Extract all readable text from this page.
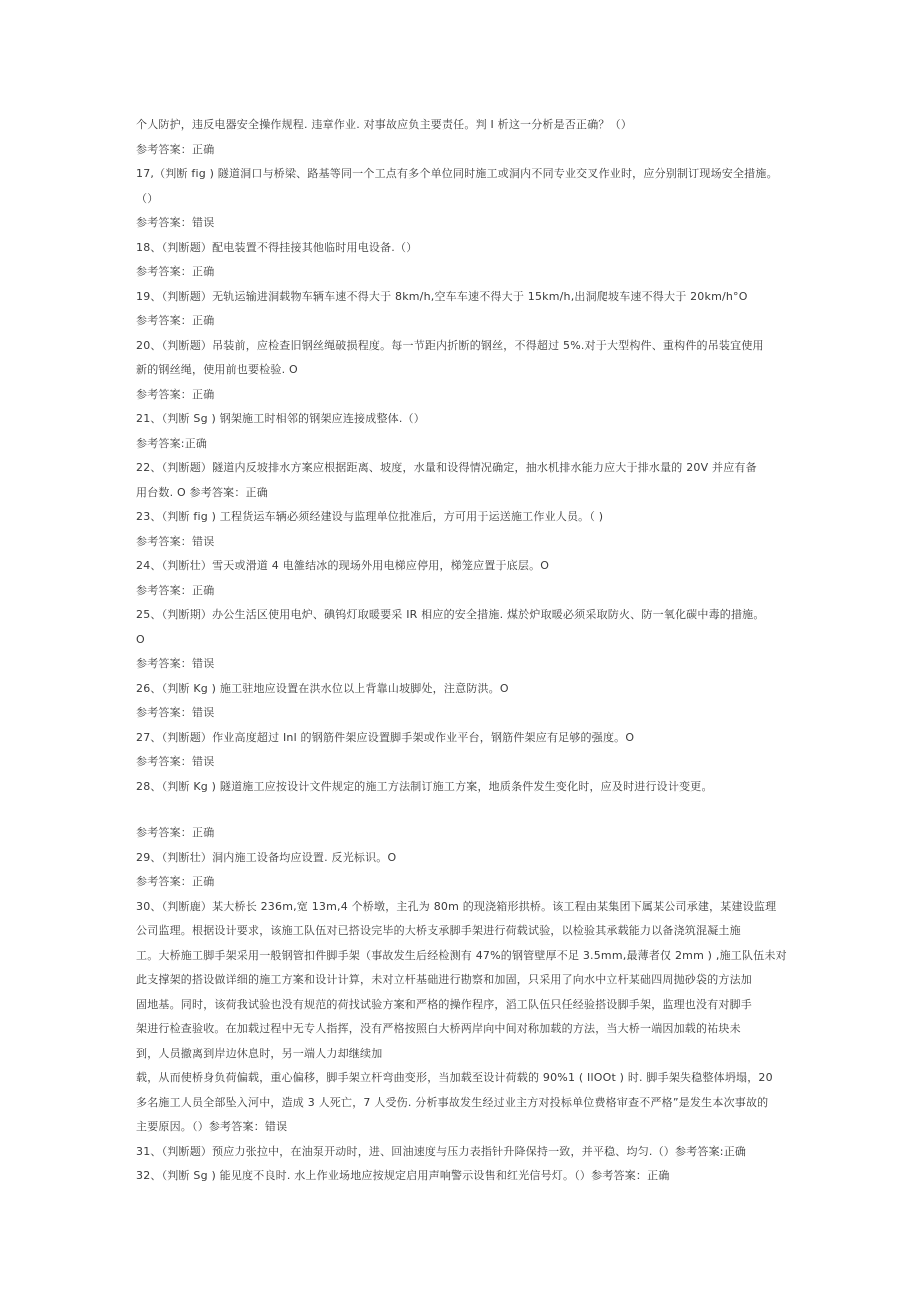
个人防护，违反电器安全操作规程. 违章作业. 对事故应负主要责任。判 I 析这一分析是否正确？（）
参考答案：正确
17,（判断 fig ) 隧道洞口与桥梁、路基等同一个工点有多个单位同时施工或洞内不同专业交叉作业时，应分别制订现场安全措施。
（）
参考答案：错误
18、（判断题）配电装置不得挂接其他临时用电设备.（）
参考答案：正确
19、（判断题）无轨运输进洞载物车辆车速不得大于 8km/h,空车车速不得大于 15km/h,出洞爬坡车速不得大于 20km/h°O
参考答案：正确
20、（判断题）吊装前，应检查旧钢丝绳破损程度。每一节距内折断的钢丝，不得超过 5%.对于大型构件、重构件的吊装宜使用
新的钢丝绳，使用前也要检验. O
参考答案：正确
21、（判断 Sg ) 钢架施工时相邻的钢架应连接成整体.（）
参考答案:正确
22、（判断题）隧道内反坡排水方案应根据距离、坡度，水量和设得情况确定，抽水机排水能力应大于排水量的 20V 并应有备
用台数. O 参考答案：正确
23、（判断 fig ) 工程货运车辆必须经建设与监理单位批准后，方可用于运送施工作业人员。（ )
参考答案：错误
24、（判断壮）雪天或滑道 4 电雒结冰的现场外用电梯应停用，梯笼应置于底层。O
参考答案：正确
25、（判断期）办公生活区使用电炉、碘钨灯取暖要采 IR 相应的安全措施. 煤於炉取暖必须采取防火、防一氧化碳中毒的措施。
O
参考答案：错误
26、（判断 Kg ) 施工驻地应设置在洪水位以上背靠山坡脚处，注意防洪。O
参考答案：错误
27、（判断题）作业高度超过 Inl 的钢筋件架应设置脚手架或作业平台，钢筋件架应有足够的强度。O
参考答案：错误
28、（判断 Kg ) 隧道施工应按设计文件规定的施工方法制订施工方案，地质条件发生变化时，应及时进行设计变更。
参考答案：正确
29、（判断壮）洞内施工设备均应设置. 反光标识。O
参考答案：正确
30、（判断鹿）某大桥长 236m,宽 13m,4 个桥墩，主孔为 80m 的现浇箱形拱桥。该工程由某集团下属某公司承建，某建设监理
公司监理。根据设计要求，该施工队伍对已搭设完毕的大桥支承脚手架进行荷载试验，以检验其承载能力以备浇筑混凝土施
工。大桥施工脚手架采用一般钢管扣件脚手架（事故发生后经检测有 47%的钢管壁厚不足 3.5mm,最薄者仅 2mm ) ,施工队伍未对
此支撑架的搭设做详细的施工方案和设计计算，未对立杆基础进行勘察和加固，只采用了向水中立杆某础四周抛砂袋的方法加
固地基。同时，该荷我试验也没有规范的荷找试验方案和严格的操作程序，滔工队伍只任经验搭设脚手架，监理也没有对脚手
架进行检查验收。在加载过程中无专人指挥，没有严格按照白大桥两岸向中间对称加载的方法，当大桥一端因加载的祐块未
到，人员撤离到岸边休息时，另一端人力却继续加
载，从而使桥身负荷偏载，重心偏移，脚手架立杆弯曲变形，当加载至设计荷载的 90%1 ( IlOOt ) 时. 脚手架失稳整体坍塌，20
多名施工人员全部坠入河中，造成 3 人死亡，7 人受伤. 分析事故发生经过业主方对投标单位费格审查不严格”是发生本次事故的
主要原因。（）参考答案：错误
31、（判断题）预应力张拉中，在油泵开动时，进、回油速度与压力表指针升降保持一致，并平稳、均匀.（）参考答案:正确
32、（判断 Sg ) 能见度不良时. 水上作业场地应按规定启用声响警示设售和红光信号灯。（）参考答案：正确
